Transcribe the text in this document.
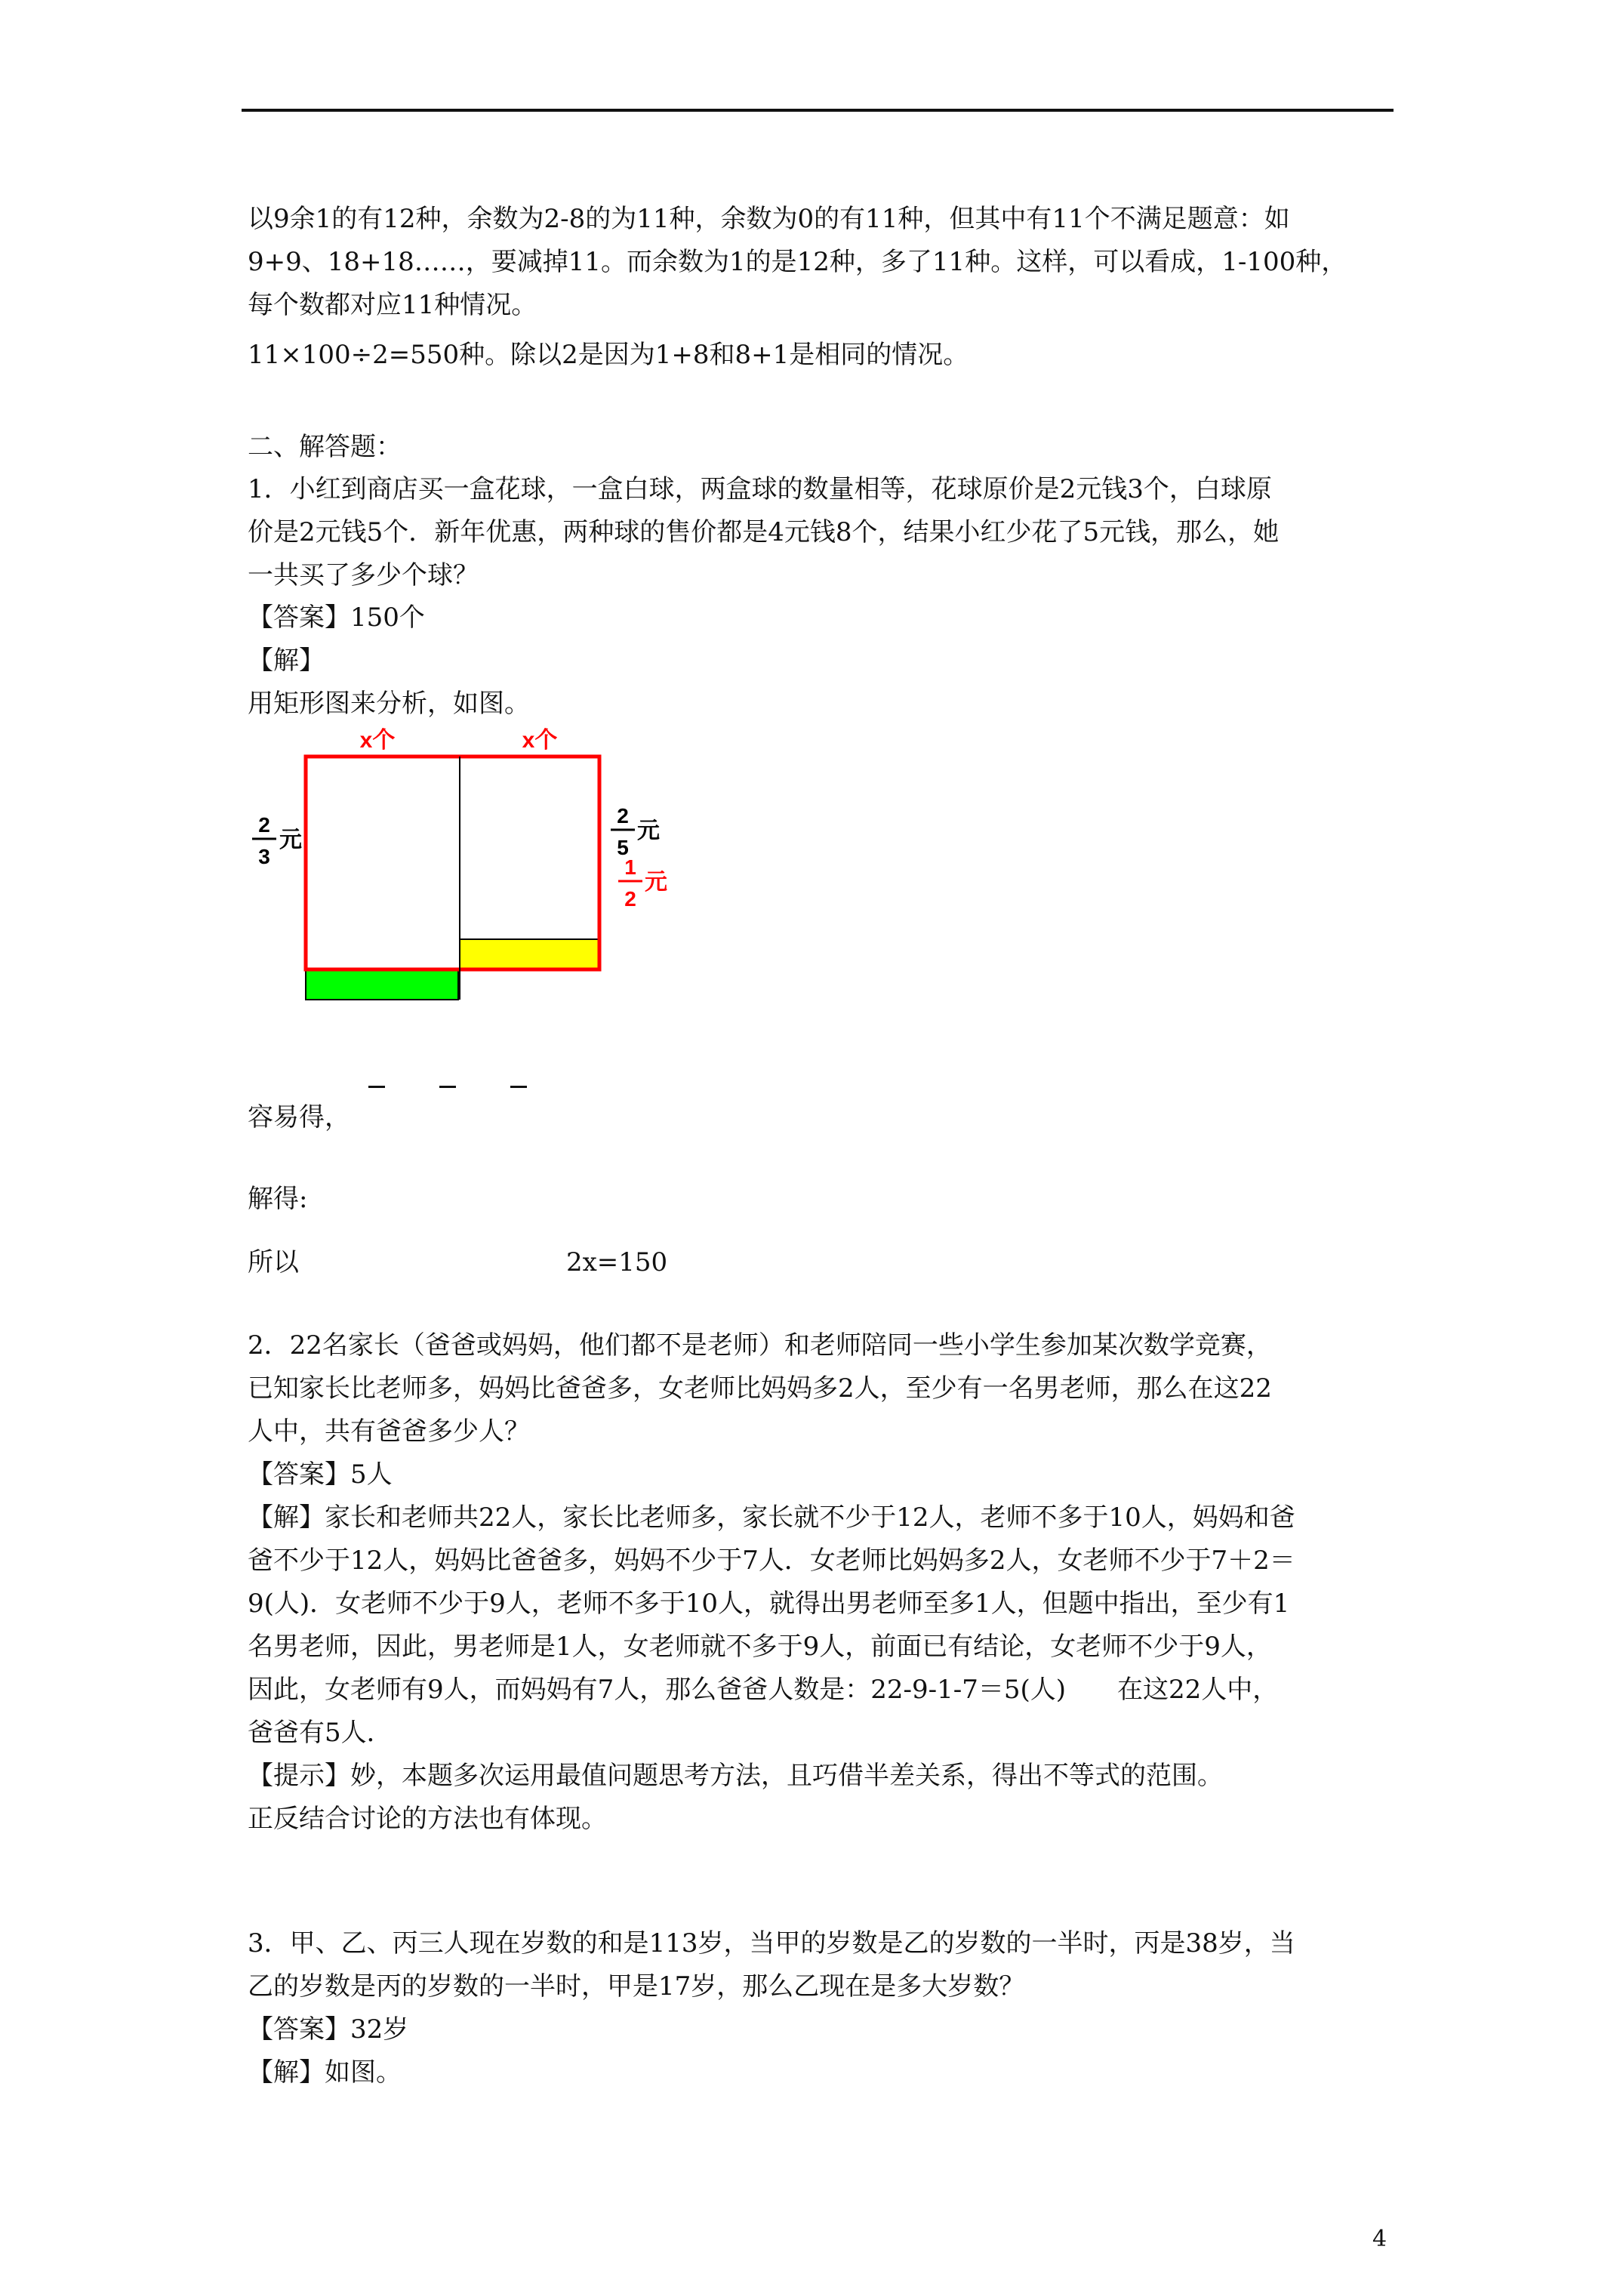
以9余1的有12种，余数为2-8的为11种，余数为0的有11种，但其中有11个不满足题意：如
9+9、18+18……，要减掉11。而余数为1的是12种，多了11种。这样，可以看成，1-100种，
每个数都对应11种情况。
11×100÷2=550种。除以2是因为1+8和8+1是相同的情况。
二、解答题：
1．小红到商店买一盒花球，一盒白球，两盒球的数量相等，花球原价是2元钱3个，白球原
价是2元钱5个．新年优惠，两种球的售价都是4元钱8个，结果小红少花了5元钱，那么，她
一共买了多少个球？
【答案】150个
【解】
用矩形图来分析，如图。
x个	x个
2
3
元
2
5
元
1
2
元
容易得，
解得:
所以	2x=150
2．22名家长（爸爸或妈妈，他们都不是老师）和老师陪同一些小学生参加某次数学竞赛，
已知家长比老师多，妈妈比爸爸多，女老师比妈妈多2人，至少有一名男老师，那么在这22
人中，共有爸爸多少人？
【答案】5人
【解】家长和老师共22人，家长比老师多，家长就不少于12人，老师不多于10人，妈妈和爸
爸不少于12人，妈妈比爸爸多，妈妈不少于7人．女老师比妈妈多2人，女老师不少于7＋2＝
9(人)．女老师不少于9人，老师不多于10人，就得出男老师至多1人，但题中指出，至少有1
名男老师，因此，男老师是1人，女老师就不多于9人，前面已有结论，女老师不少于9人，
因此，女老师有9人，而妈妈有7人，那么爸爸人数是：22-9-1-7＝5(人)　　在这22人中，
爸爸有5人．
【提示】妙，本题多次运用最值问题思考方法，且巧借半差关系，得出不等式的范围。
正反结合讨论的方法也有体现。
3．甲、乙、丙三人现在岁数的和是113岁，当甲的岁数是乙的岁数的一半时，丙是38岁，当
乙的岁数是丙的岁数的一半时，甲是17岁，那么乙现在是多大岁数？
【答案】32岁
【解】如图。
4
